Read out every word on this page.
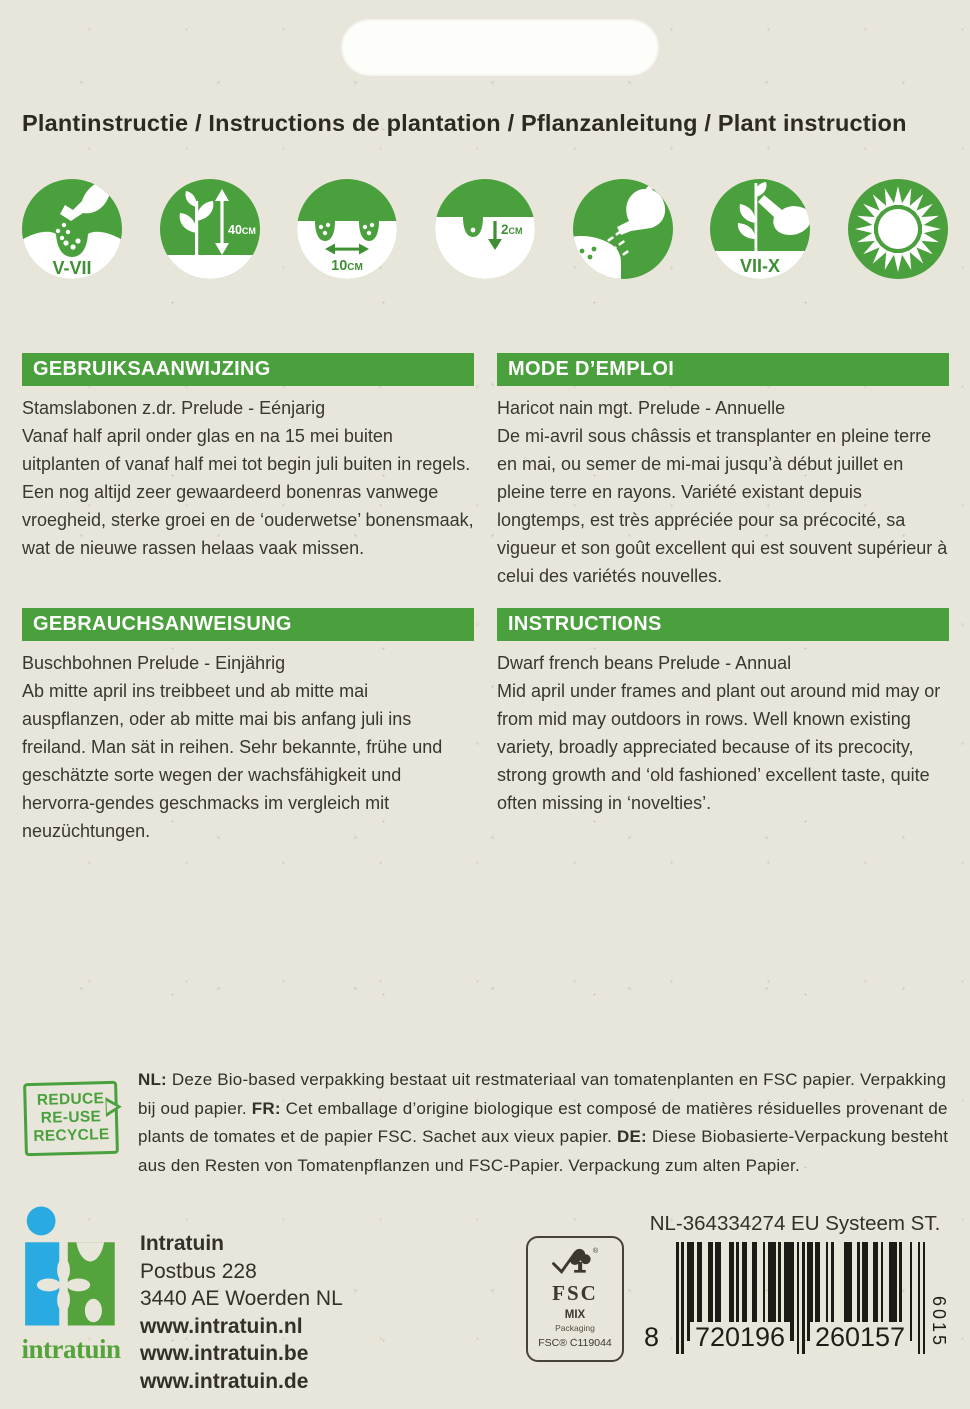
Plantinstructie / Instructions de plantation / Pflanzanleitung / Plant instruction
V-VII
40cm
10cm
2cm
VII-X
GEBRUIKSAANWIJZING
Stamslabonen z.dr. Prelude - Eénjarig
Vanaf half april onder glas en na 15 mei buiten uitplanten of vanaf half mei tot begin juli buiten in regels. Een nog altijd zeer gewaardeerd bonenras vanwege vroegheid, sterke groei en de ‘ouderwetse’ bonensmaak, wat de nieuwe rassen helaas vaak missen.
MODE D’EMPLOI
Haricot nain mgt. Prelude - Annuelle
De mi-avril sous châssis et transplanter en pleine terre en mai, ou semer de mi-mai jusqu’à début juillet en pleine terre en rayons. Variété existant depuis longtemps, est très appréciée pour sa précocité, sa vigueur et son goût excellent qui est souvent supérieur à celui des variétés nouvelles.
GEBRAUCHSANWEISUNG
Buschbohnen Prelude - Einjährig
Ab mitte april ins treibbeet und ab mitte mai auspflanzen, oder ab mitte mai bis anfang juli ins freiland. Man sät in reihen. Sehr bekannte, frühe und geschätzte sorte wegen der wachsfähigkeit und hervorra-gendes geschmacks im vergleich mit neuzüchtungen.
INSTRUCTIONS
Dwarf french beans Prelude - Annual
Mid april under frames and plant out around mid may or from mid may outdoors in rows. Well known existing variety, broadly appreciated because of its precocity, strong growth and ‘old fashioned’ excellent taste, quite often missing in ‘novelties’.
REDUCE
RE-USE
RECYCLE

NL: Deze Bio-based verpakking bestaat uit restmateriaal van tomatenplanten en FSC papier. Verpakking bij oud papier. FR: Cet emballage d’origine biologique est composé de matières résiduelles provenant de plants de tomates et de papier FSC. Sachet aux vieux papier. DE: Diese Biobasierte-Verpackung besteht aus den Resten von Tomatenpflanzen und FSC-Papier. Verpackung zum alten Papier.

intratuin
Intratuin
Postbus 228
3440 AE Woerden NL
www.intratuin.nl
www.intratuin.be
www.intratuin.de
®
FSC
MIX
Packaging
FSC® C119044
NL-364334274 EU Systeem ST.
8 720196 260157 6015
